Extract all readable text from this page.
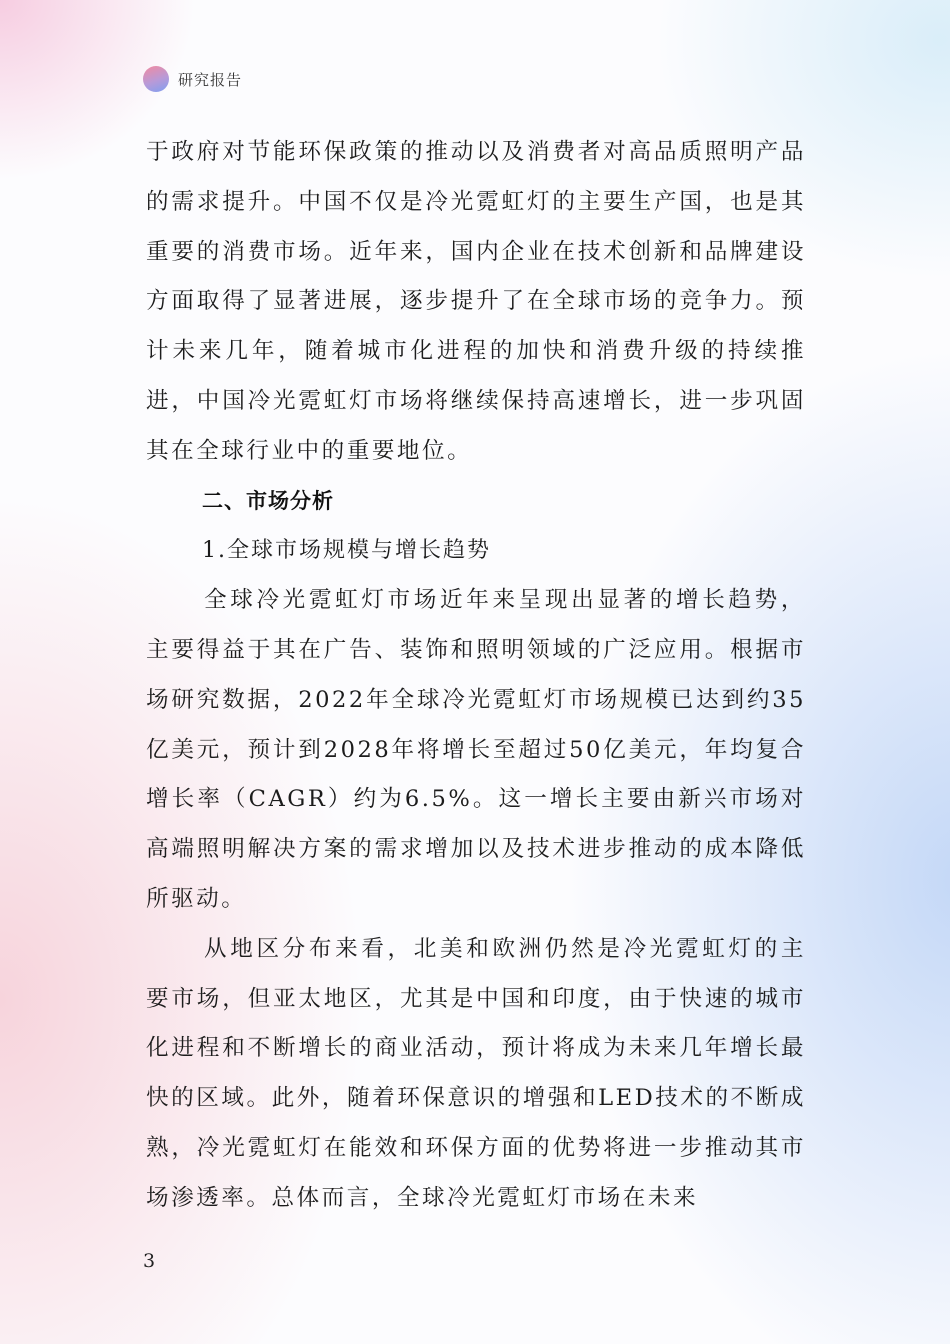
研究报告

于政府对节能环保政策的推动以及消费者对高品质照明产品的需求提升。中国不仅是冷光霓虹灯的主要生产国，也是其重要的消费市场。近年来，国内企业在技术创新和品牌建设方面取得了显著进展，逐步提升了在全球市场的竞争力。预计未来几年，随着城市化进程的加快和消费升级的持续推进，中国冷光霓虹灯市场将继续保持高速增长，进一步巩固其在全球行业中的重要地位。

二、市场分析

1.全球市场规模与增长趋势

全球冷光霓虹灯市场近年来呈现出显著的增长趋势，主要得益于其在广告、装饰和照明领域的广泛应用。根据市场研究数据，2022年全球冷光霓虹灯市场规模已达到约35亿美元，预计到2028年将增长至超过50亿美元，年均复合增长率（CAGR）约为6.5%。这一增长主要由新兴市场对高端照明解决方案的需求增加以及技术进步推动的成本降低所驱动。

从地区分布来看，北美和欧洲仍然是冷光霓虹灯的主要市场，但亚太地区，尤其是中国和印度，由于快速的城市化进程和不断增长的商业活动，预计将成为未来几年增长最快的区域。此外，随着环保意识的增强和LED技术的不断成熟，冷光霓虹灯在能效和环保方面的优势将进一步推动其市场渗透率。总体而言，全球冷光霓虹灯市场在未来

3
